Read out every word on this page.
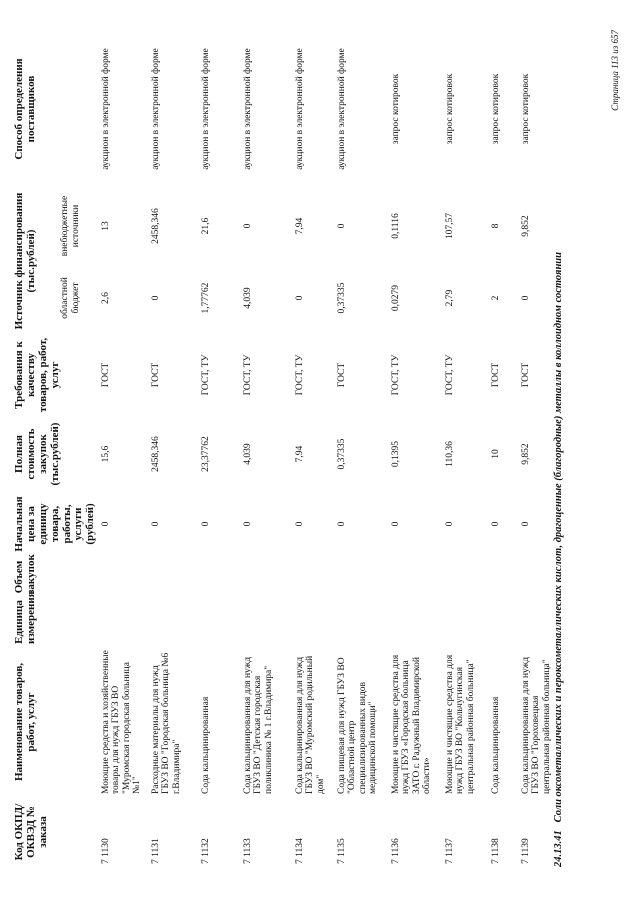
Код ОКПД/ ОКВЭД № заказа	Наименование товаров, работ, услуг	Единица измерения	Объем закупок	Начальная цена за единицу товара, работы, услуги (рублей)	Полная стоимость закупок (тыс.рублей)	Требования к качеству товаров, работ, услуг	Источник финансирования (тыс.рублей)		Способ определения поставщиков
							областной бюджет	внебюджетные источники	
7 1130	Моющие средства и хозяйственные товары для нужд ГБУЗ ВО "Муромская городская больница №1"			0	15,6	ГОСТ	2,6	13	аукцион в электронной форме
7 1131	Расходные материалы для нужд ГБУЗ ВО "Городская больница №6 г.Владимира"			0	2458,346	ГОСТ	0	2458,346	аукцион в электронной форме
7 1132	Сода кальцинированная			0	23,37762	ГОСТ, ТУ	1,77762	21,6	аукцион в электронной форме
7 1133	Сода кальцинированная для нужд ГБУЗ ВО "Детская городская поликлиника № 1 г.Владимира"			0	4,039	ГОСТ, ТУ	4,039	0	аукцион в электронной форме
7 1134	Сода кальцинированная для нужд ГБУЗ ВО "Муромский родильный дом"			0	7,94	ГОСТ, ТУ	0	7,94	аукцион в электронной форме
7 1135	Сода пищевая для нужд ГБУЗ ВО "Областной центр специализированных видов медицинской помощи"			0	0,37335	ГОСТ	0,37335	0	аукцион в электронной форме
7 1136	Моющие и чистящие средства для нужд ГБУЗ «Городская больница ЗАТО г. Радужный Владимирской области»			0	0,1395	ГОСТ, ТУ	0,0279	0,1116	запрос котировок
7 1137	Моющие и чистящие средства для нужд ГБУЗ ВО "Кольчугинская центральная районная больница"			0	110,36	ГОСТ, ТУ	2,79	107,57	запрос котировок
7 1138	Сода кальцинированная			0	10	ГОСТ	2	8	запрос котировок
7 1139	Сода кальцинированная для нужд ГБУЗ ВО "Гороховецкая центральная районная больница"			0	9,852	ГОСТ	0	9,852	запрос котировок
24.13.41   Соли оксометаллических и пероксометаллических кислот, драгоценные (благородные) металлы в коллоидном состоянии
Страница 113 из 657
